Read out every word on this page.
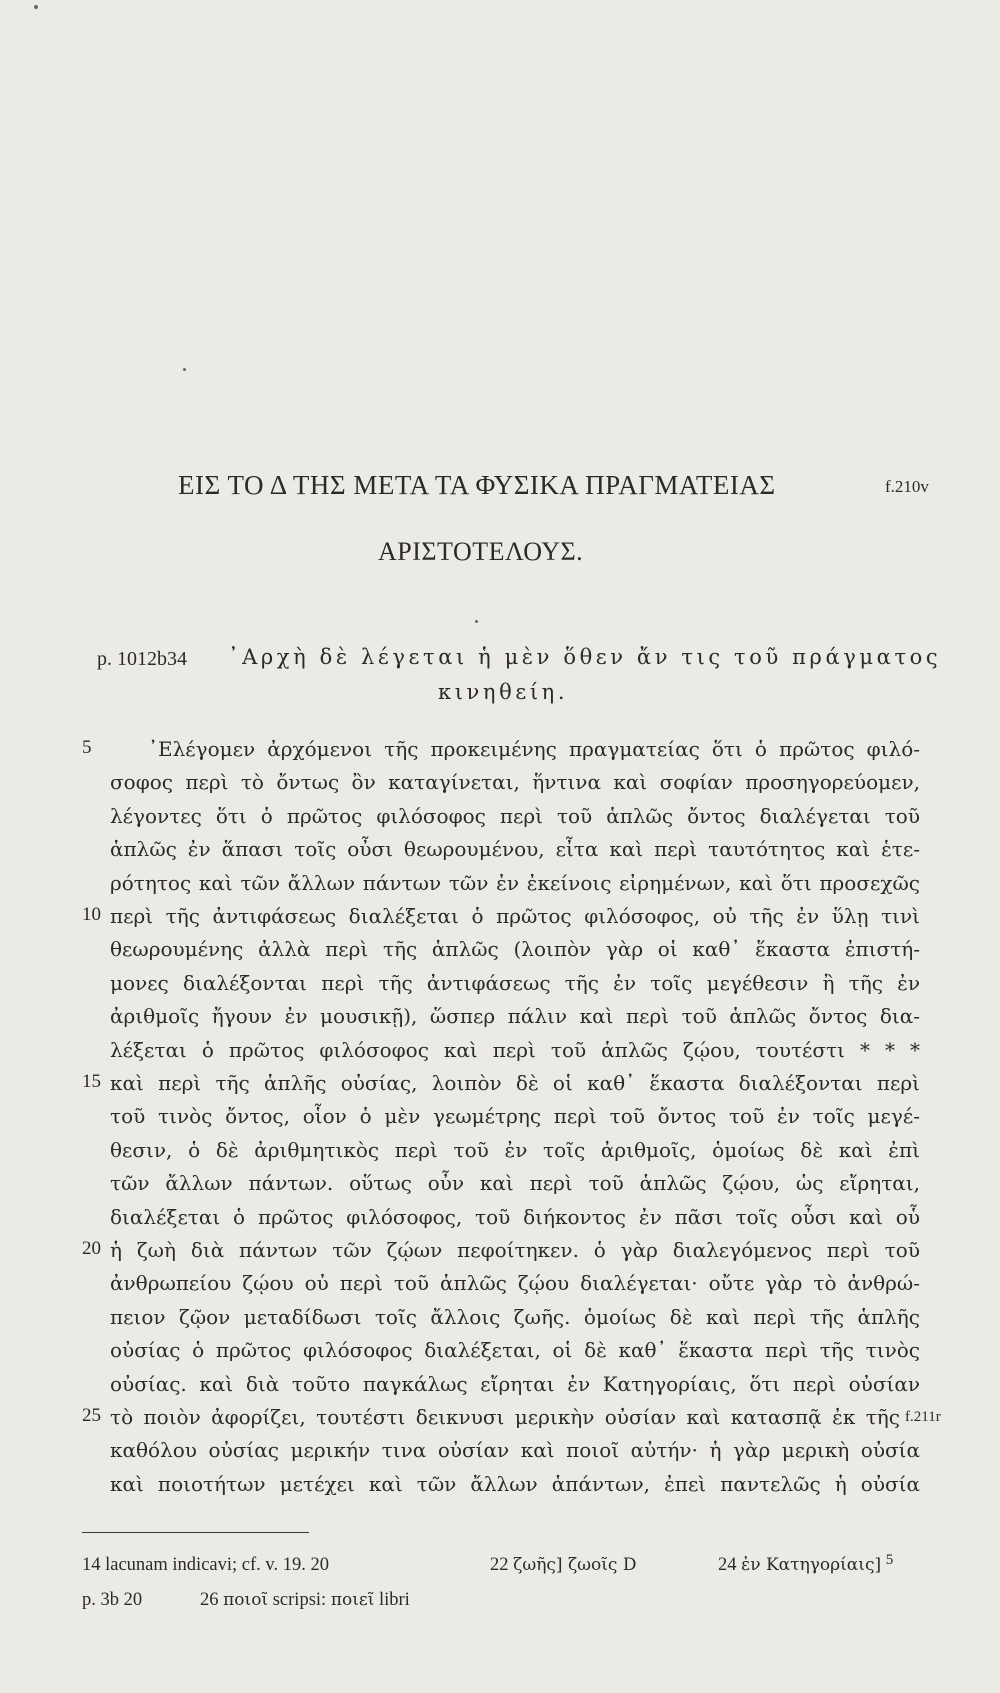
ΕΙΣ ΤΟ Δ ΤΗΣ ΜΕΤΑ ΤΑ ΦΥΣΙΚΑ ΠΡΑΓΜΑΤΕΙΑΣ	f.210v
ΑΡΙΣΤΟΤΕΛΟΥΣ.
p. 1012b34 ᾿Αρχὴ δὲ λέγεται ἡ μὲν ὅθεν ἄν τις τοῦ πράγματος
κινηθείη.
5
10
15
20
25
᾿Ελέγομεν ἀρχόμενοι τῆς προκειμένης πραγματείας ὅτι ὁ πρῶτος φιλό-
σοφος περὶ τὸ ὄντως ὂν καταγίνεται, ἥντινα καὶ σοφίαν προσηγορεύομεν,
λέγοντες ὅτι ὁ πρῶτος φιλόσοφος περὶ τοῦ ἁπλῶς ὄντος διαλέγεται τοῦ
ἁπλῶς ἐν ἅπασι τοῖς οὖσι θεωρουμένου, εἶτα καὶ περὶ ταυτότητος καὶ ἑτε-
ρότητος καὶ τῶν ἄλλων πάντων τῶν ἐν ἐκείνοις εἰρημένων, καὶ ὅτι προσεχῶς
περὶ τῆς ἀντιφάσεως διαλέξεται ὁ πρῶτος φιλόσοφος, οὐ τῆς ἐν ὕλῃ τινὶ
θεωρουμένης ἀλλὰ περὶ τῆς ἁπλῶς (λοιπὸν γὰρ οἱ καθ᾿ ἕκαστα ἐπιστή-
μονες διαλέξονται περὶ τῆς ἀντιφάσεως τῆς ἐν τοῖς μεγέθεσιν ἢ τῆς ἐν
ἀριθμοῖς ἤγουν ἐν μουσικῇ), ὥσπερ πάλιν καὶ περὶ τοῦ ἁπλῶς ὄντος δια-
λέξεται ὁ πρῶτος φιλόσοφος καὶ περὶ τοῦ ἁπλῶς ζῴου, τουτέστι * * *
καὶ περὶ τῆς ἁπλῆς οὐσίας, λοιπὸν δὲ οἱ καθ᾿ ἕκαστα διαλέξονται περὶ
τοῦ τινὸς ὄντος, οἷον ὁ μὲν γεωμέτρης περὶ τοῦ ὄντος τοῦ ἐν τοῖς μεγέ-
θεσιν, ὁ δὲ ἀριθμητικὸς περὶ τοῦ ἐν τοῖς ἀριθμοῖς, ὁμοίως δὲ καὶ ἐπὶ
τῶν ἄλλων πάντων. οὕτως οὖν καὶ περὶ τοῦ ἁπλῶς ζῴου, ὡς εἴρηται,
διαλέξεται ὁ πρῶτος φιλόσοφος, τοῦ διήκοντος ἐν πᾶσι τοῖς οὖσι καὶ οὗ
ἡ ζωὴ διὰ πάντων τῶν ζῴων πεφοίτηκεν. ὁ γὰρ διαλεγόμενος περὶ τοῦ
ἀνθρωπείου ζῴου οὐ περὶ τοῦ ἁπλῶς ζῴου διαλέγεται· οὔτε γὰρ τὸ ἀνθρώ-
πειον ζῷον μεταδίδωσι τοῖς ἄλλοις ζωῆς. ὁμοίως δὲ καὶ περὶ τῆς ἁπλῆς
οὐσίας ὁ πρῶτος φιλόσοφος διαλέξεται, οἱ δὲ καθ᾿ ἕκαστα περὶ τῆς τινὸς
οὐσίας. καὶ διὰ τοῦτο παγκάλως εἴρηται ἐν Κατηγορίαις, ὅτι περὶ οὐσίαν
τὸ ποιὸν ἀφορίζει, τουτέστι δεικνυσι μερικὴν οὐσίαν καὶ κατασπᾷ ἐκ τῆς
καθόλου οὐσίας μερικήν τινα οὐσίαν καὶ ποιοῖ αὐτήν· ἡ γὰρ μερικὴ οὐσία
καὶ ποιοτήτων μετέχει καὶ τῶν ἄλλων ἁπάντων, ἐπεὶ παντελῶς ἡ οὐσία
f.211r
14 lacunam indicavi; cf. v. 19. 20	22 ζωῆς] ζωοῖς D	24 ἐν Κατηγορίαις] $^5$
p. 3b 20	26 ποιοῖ scripsi: ποιεῖ libri
